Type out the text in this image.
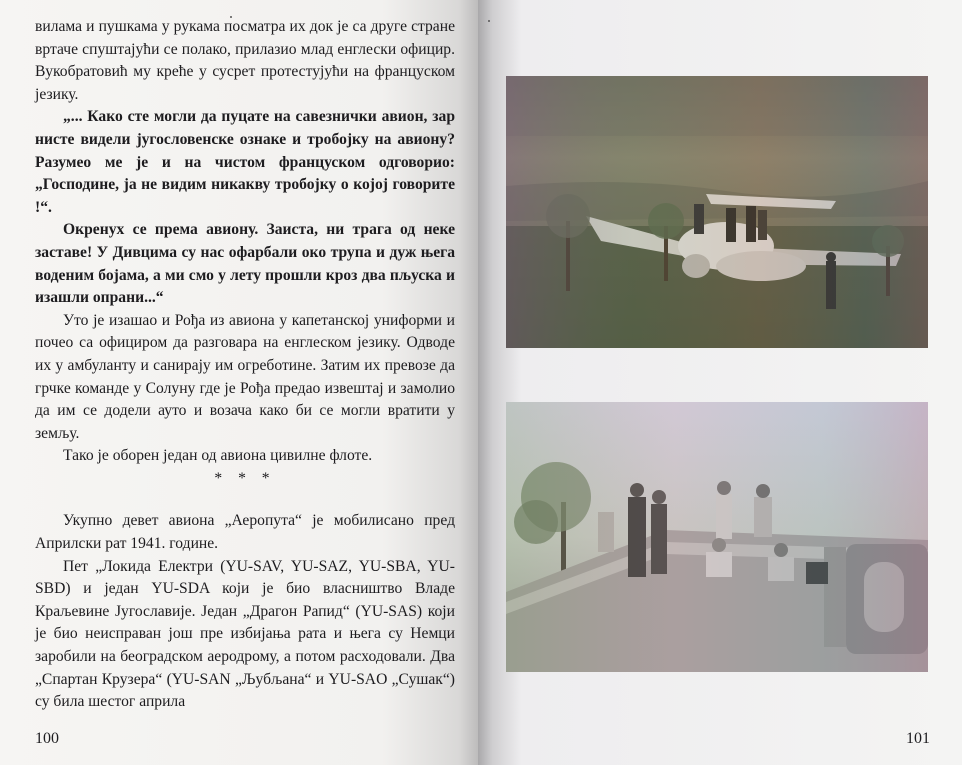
вилама и пушкама у рукама посматра их док је са друге стране вртаче спуштајући се полако, прилазио млад енглески официр. Вукобратовић му креће у сусрет протестујући на француском језику.

„... Како сте могли да пуцате на савезнички авион, зар нисте видели југословенске ознаке и тробојку на авиону? Разумео ме је и на чистом француском одговорио: „Господине, ја не видим никакву тробојку о којој говорите !“.

Окренух се према авиону. Заиста, ни трага од неке заставе! У Дивцима су нас офарбали око трупа и дуж њега воденим бојама, а ми смо у лету прошли кроз два пљуска и изашли опрани...“

Уто је изашао и Рођа из авиона у капетанској униформи и почео са официром да разговара на енглеском језику. Одводе их у амбуланту и санирају им огреботине. Затим их превозе да грчке команде у Солуну где је Рођа предао извештај и замолио да им се додели ауто и возача како би се могли вратити у земљу.

Тако је оборен један од авиона цивилне флоте.

* * *

Укупно девет авиона „Аеропута“ је мобилисано пред Априлски рат 1941. године.

Пет „Локида Електри (YU-SAV, YU-SAZ, YU-SBA, YU-SBD) и један YU-SDA који је био власништво Владе Краљевине Југославије. Један „Драгон Рапид“ (YU-SAS) који је био неисправан још пре избијања рата и њега су Немци заробили на београдском аеродрому, а потом расходовали. Два „Спартан Крузера“ (YU-SAN „Љубљана“ и YU-SAO „Сушак“) су била шестог априла

100	101
